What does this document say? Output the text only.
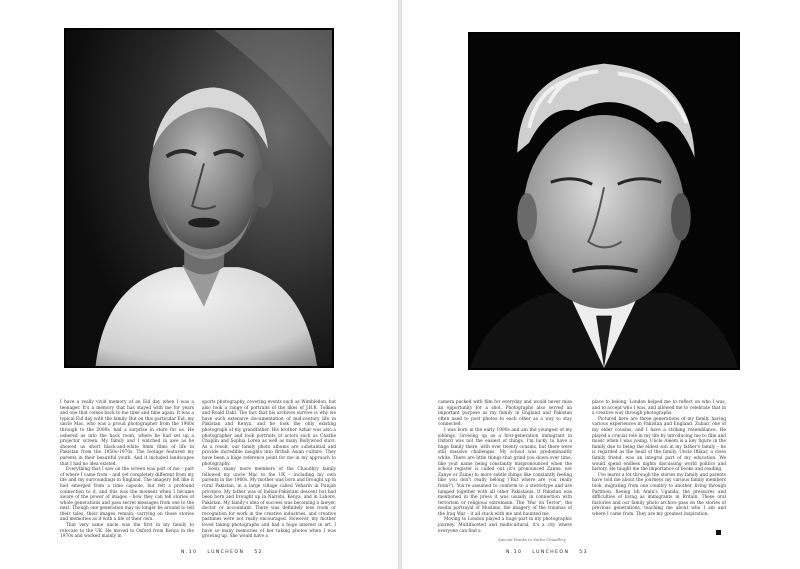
I have a really vivid memory of an Eid day when I was a teenager. It's a memory that has stayed with me for years and one that comes back to me time and time again. It was a typical Eid day with the family. But on this particular Eid, my uncle Mac, who was a proud photographer from the 1960s through to the 2000s, had a surprise in store for us. He ushered us into the back room, where he had set up a projector screen. My family and I watched in awe as he showed us short black-and-white 8mm films of life in Pakistan from the 1950s–1970s. The footage featured my parents in their beautiful youth. And it included landscapes that I had no idea existed.

Everything that I saw on the screen was part of me – part of where I came from – and yet completely different from my life and my surroundings in England. The imagery felt like it had emerged from a time capsule, but felt a profound connection to it, and this was the moment when I became aware of the power of images – how they can tell stories of whole generations and pass secret messages from one to the next. Though one generation may no longer be around to tell their tales, their images remain, carrying on those stories and memories as if with a life of their own.

That very same uncle was the first in my family to relocate to the UK. He moved to Oxford from Kenya in the 1970s and worked mainly in

sports photography, covering events such as Wimbledon, but also took a range of portraits of the likes of J.R.R. Tolkien and Roald Dahl. The fact that his archives survive is why we have such extensive documentation of mid-century life in Pakistan and Kenya, and he took the only existing photograph of my grandfather. His brother Azhar was also a photographer and took portraits of actors such as Charlie Chaplin and Sophia Loren as well as many Bollywood stars. As a result, our family photo albums are substantial and provide incredible insights into British Asian culture. They have been a huge reference point for me in my approach to photography.

Soon, many more members of the Chaudhry family followed my uncle Mac to the UK – including my own parents in the 1960s. My mother was born and brought up in rural Pakistan, in a large village called Veharin in Punjab province. My father was of Indian-Pakistani descent but had been born and brought up in Nairobi, Kenya, and in Lahore, Pakistan. My family's idea of success was becoming a lawyer, doctor or accountant. There was definitely less room or recognition for work in the creative industries, and creative pastimes were not really encouraged. However, my mother loved taking photographs and had a huge interest in art. I have so many memories of her taking photos when I was growing up. She would have a

camera packed with film for everyday and would never miss an opportunity for a shot. Photographs also served an important purpose as my family in England and Pakistan often used to post photos to each other as a way to stay connected.

I was born in the early 1990s and am the youngest of my siblings. Growing up as a first-generation immigrant in Oxford was not the easiest of things. I'm lucky to have a huge family there, with over twenty cousins, but there were still massive challenges. My school was predominantly white. There are little things that grind you down over time, like your name being constantly mispronounced when the school register is called out (it's pronounced Zanne, not Zanye or Zaine) to more subtle things like constantly feeling like you don't really belong ('But where are you really from?'). You're assumed to conform to a stereotype and are lumped together with all other Pakistanis. If Pakistan was mentioned in the press it was usually in connection with terrorism or religious extremism. The 'War on Terror', the media portrayal of Muslims, the imagery of the traumas of the Iraq War – it all stuck with me and haunted me.

Moving to London played a huge part in my photographic journey. Multifaceted and multicultural, it's a city where everyone can find a

place to belong. London helped me to reflect on who I was, and to accept who I was, and allowed me to celebrate that in a creative way through photographs.

Pictured here are three generations of my family having various experiences in Pakistan and England. Zubair, one of my elder cousins, and I have a striking resemblance. He played a crucial role in my life by introducing me to film and music when I was young. Uncle Aleem is a key figure in the family due to being the eldest son in my father's family – he is regarded as the head of the family. Uncle Iftikar, a close family friend, was an integral part of my education. We would spend endless nights discussing world politics and history. He taught me the importance of books and reading.

I've learnt a lot through the stories my family and parents have told me about the journeys my various family members took, migrating from one country to another, living through Partition, fleeing Idi Amin's Uganda, the pressures and difficulties of living as immigrants in Britain. These oral histories and our family photo archive pass on the stories of previous generations, teaching me about who I am and where I came from. They are my greatest inspiration.

Special thanks to Sarbo Chaudhry
N.10 LUNCHEON 52	N.10 LUNCHEON 53
